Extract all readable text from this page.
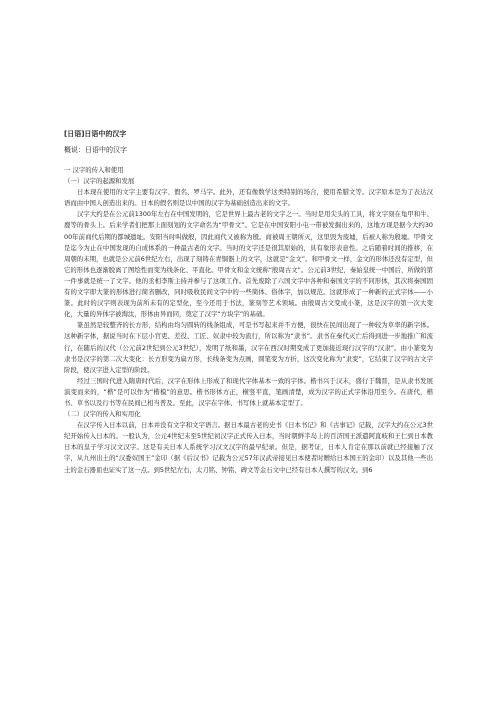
[日语]日语中的汉字
概说：日语中的汉字
一 汉字的传入和使用
（一）汉字的起源和发展

日本现在使用的文字主要有汉字、假名、罗马字。此外，还有像数学这类特别的场合，使用希腊文等。汉字原本是为了表达汉语而由中国人创造出来的。日本的假名则是以中国的汉字为基础创造出来的文字。

汉字大约是在公元前1300年左右在中国发明的，它是世界上最古老的文字之一。当时是用尖头的工具，将文字刻在龟甲和牛、鹿等的骨头上。后来学者们把那上面刻划的文字命名为“甲骨文”。它是在中国安阳小屯一带被发掘出来的，这地方现是据今大约3000年前商代后期的都城遗址。安阳当时叫做殷，因此商代又被称为殷。商被周王朝所灭，这里毁为废墟，后被人称为殷墟。甲骨文是迄今为止在中国发现的自成体系的一种最古老的文字。当时的文字还是很其原始的，具有象形表意性。之后随着时间的推移，在周朝的末期，也就是公元前6世纪左右，出现了刻铸在青铜器上的文字，这就是“金文”。和甲骨文一样，金文的形体还没有定型，但它的形体也逐渐脱离了图绘性而变为线条化、平直化。甲骨文和金文统称“殷周古文”。公元前3世纪，秦始皇统一中国后，所做的第一件事就是统一了文字。他的丞相李斯主持并参与了这项工作。首先废除了六国文字中各种和秦国文字的不同形体，其次将秦国固有的文字即大篆的形体进行简省删改，同时吸收民间文字中的一些简体、俗体字，加以规范。这就形成了一种新的正式字体——小篆。此时的汉字则表现为前所未有的定型化，至今还用于书法，篆刻等艺术领域。由殷周古文变成小篆，这是汉字的第一次大变化，大量的异体字被淘汰，形体由异而同，奠定了汉字“方块字”的基础。

篆虽然是较整齐的长方形，结构由均匀圆转的线条组成，可是书写起来并不方便，很快在民间出现了一种较为草率的新字体。这种新字体，据说当时在下层小官吏、差役、工匠、奴隶中较为流行，所以称为“隶书”。隶书在秦代灭亡后得到进一步地推广和流行，在随后的汉代（公元前2世纪到公元3世纪），发明了纸和墨，汉字在西汉时期变成了更加接近现行汉字的“汉隶”。由小篆变为隶书是汉字的第二次大变化：长方形变为扁方形，长线条变为点画，圆笔变为方折，这次变化称为“隶变”，它结束了汉字的古文字阶段，使汉字进入定型的阶段。

经过三国时代进入隋唐时代后，汉字在形体上形成了和现代字体基本一致的字体。楷书兴于汉末，盛行于魏晋，是从隶书发展演变而来的，“楷”是可以作为“楷模”的意思。楷书形体方正，横竖平直，笔画清楚，成为汉字的正式字体沿用至今。在唐代，楷书、草书以及行书等在民间已相当普及。至此，汉字在字体、书写体上就基本定型了。

（二）汉字的传入和实用化

在汉字传入日本以前，日本并没有文字和文字语言。据日本最古老的史书《日本书记》和《古事记》记载，汉字大约在公元3世纪开始传入日本的。一般认为，公元4世纪末至5世纪初汉字正式传入日本，当时朝鲜半岛上的百济国王派遣阿直岐和王仁到日本教日本的皇子学习汉文汉字。这是有关日本人系统学习汉文汉字的最早纪录。但是，据考证，日本人肯定在那以前就已经接触了汉字，从九州出土的“汉委奴国王”金印（据《后汉书》记载为公元57年汉武帝接见日本使者时赠给日本国王的金印）以及其他一些出土的金石器皿也证实了这一点。到5世纪左右，太刀铭、钟铭、碑文等金石文中已经有日本人撰写的汉文。到6
